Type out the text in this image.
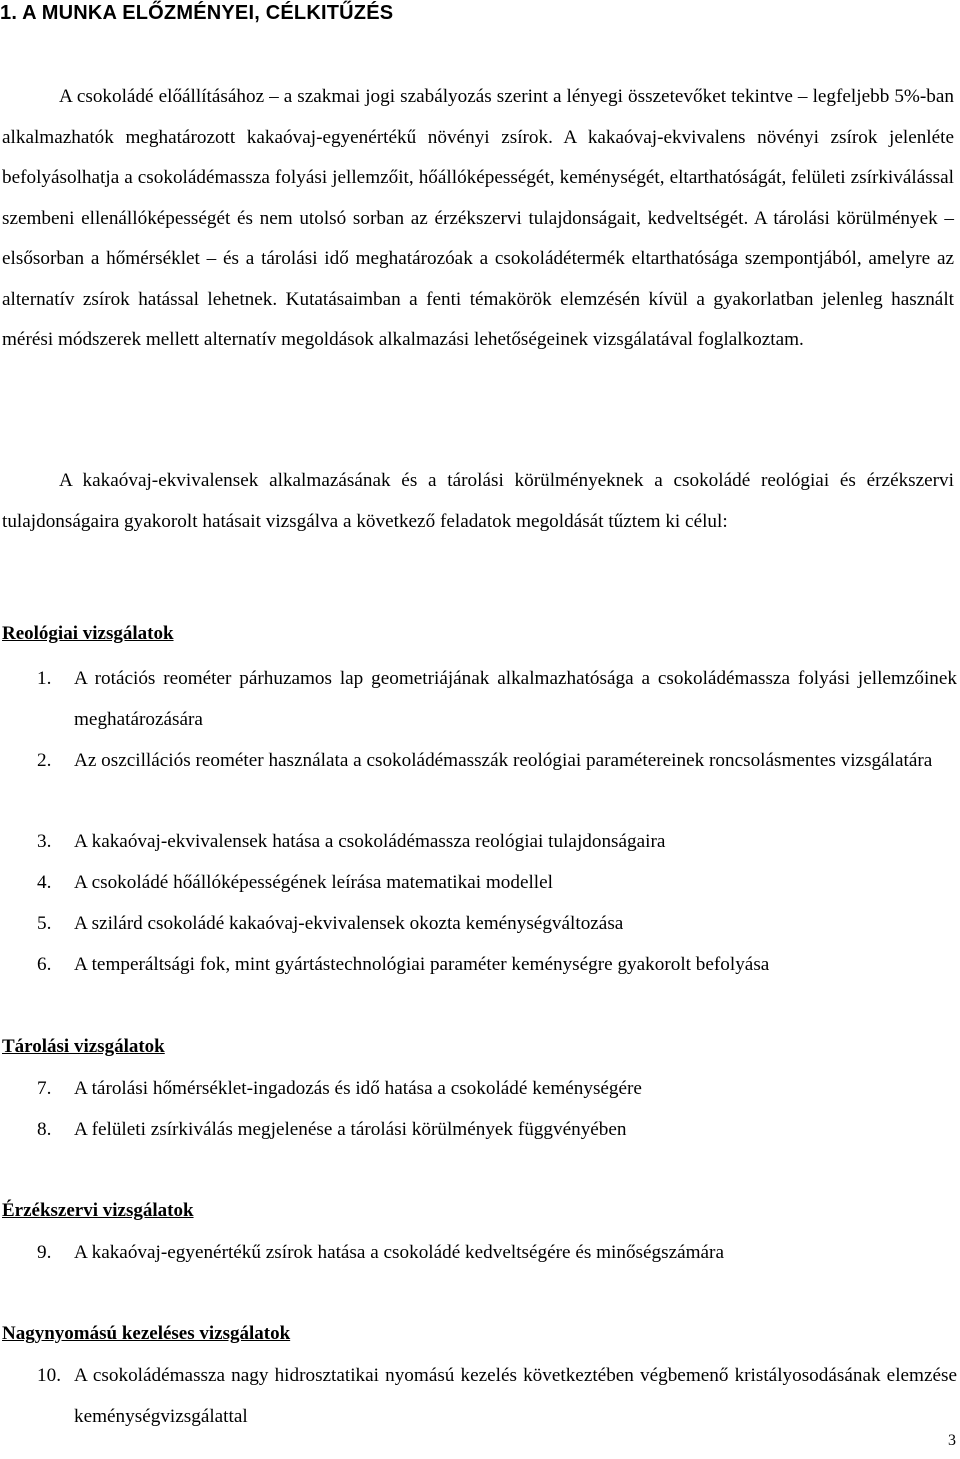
1. A MUNKA ELŐZMÉNYEI, CÉLKITŰZÉS

A csokoládé előállításához – a szakmai jogi szabályozás szerint a lényegi összetevőket tekintve – legfeljebb 5%-ban alkalmazhatók meghatározott kakaóvaj-egyenértékű növényi zsírok. A kakaóvaj-ekvivalens növényi zsírok jelenléte befolyásolhatja a csokoládémassza folyási jellemzőit, hőállóképességét, keménységét, eltarthatóságát, felületi zsírkiválással szembeni ellenállóképességét és nem utolsó sorban az érzékszervi tulajdonságait, kedveltségét. A tárolási körülmények – elsősorban a hőmérséklet – és a tárolási idő meghatározóak a csokoládétermék eltarthatósága szempontjából, amelyre az alternatív zsírok hatással lehetnek. Kutatásaimban a fenti témakörök elemzésén kívül a gyakorlatban jelenleg használt mérési módszerek mellett alternatív megoldások alkalmazási lehetőségeinek vizsgálatával foglalkoztam.

A kakaóvaj-ekvivalensek alkalmazásának és a tárolási körülményeknek a csokoládé reológiai és érzékszervi tulajdonságaira gyakorolt hatásait vizsgálva a következő feladatok megoldását tűztem ki célul:

Reológiai vizsgálatok
1. A rotációs reométer párhuzamos lap geometriájának alkalmazhatósága a csokoládémassza folyási jellemzőinek meghatározására
2. Az oszcillációs reométer használata a csokoládémasszák reológiai paramétereinek roncsolásmentes vizsgálatára
3. A kakaóvaj-ekvivalensek hatása a csokoládémassza reológiai tulajdonságaira
4. A csokoládé hőállóképességének leírása matematikai modellel
5. A szilárd csokoládé kakaóvaj-ekvivalensek okozta keménységváltozása
6. A temperáltsági fok, mint gyártástechnológiai paraméter keménységre gyakorolt befolyása
Tárolási vizsgálatok
7. A tárolási hőmérséklet-ingadozás és idő hatása a csokoládé keménységére
8. A felületi zsírkiválás megjelenése a tárolási körülmények függvényében
Érzékszervi vizsgálatok
9. A kakaóvaj-egyenértékű zsírok hatása a csokoládé kedveltségére és minőségszámára
Nagynyomású kezeléses vizsgálatok
10. A csokoládémassza nagy hidrosztatikai nyomású kezelés következtében végbemenő kristályosodásának elemzése keménységvizsgálattal
3
